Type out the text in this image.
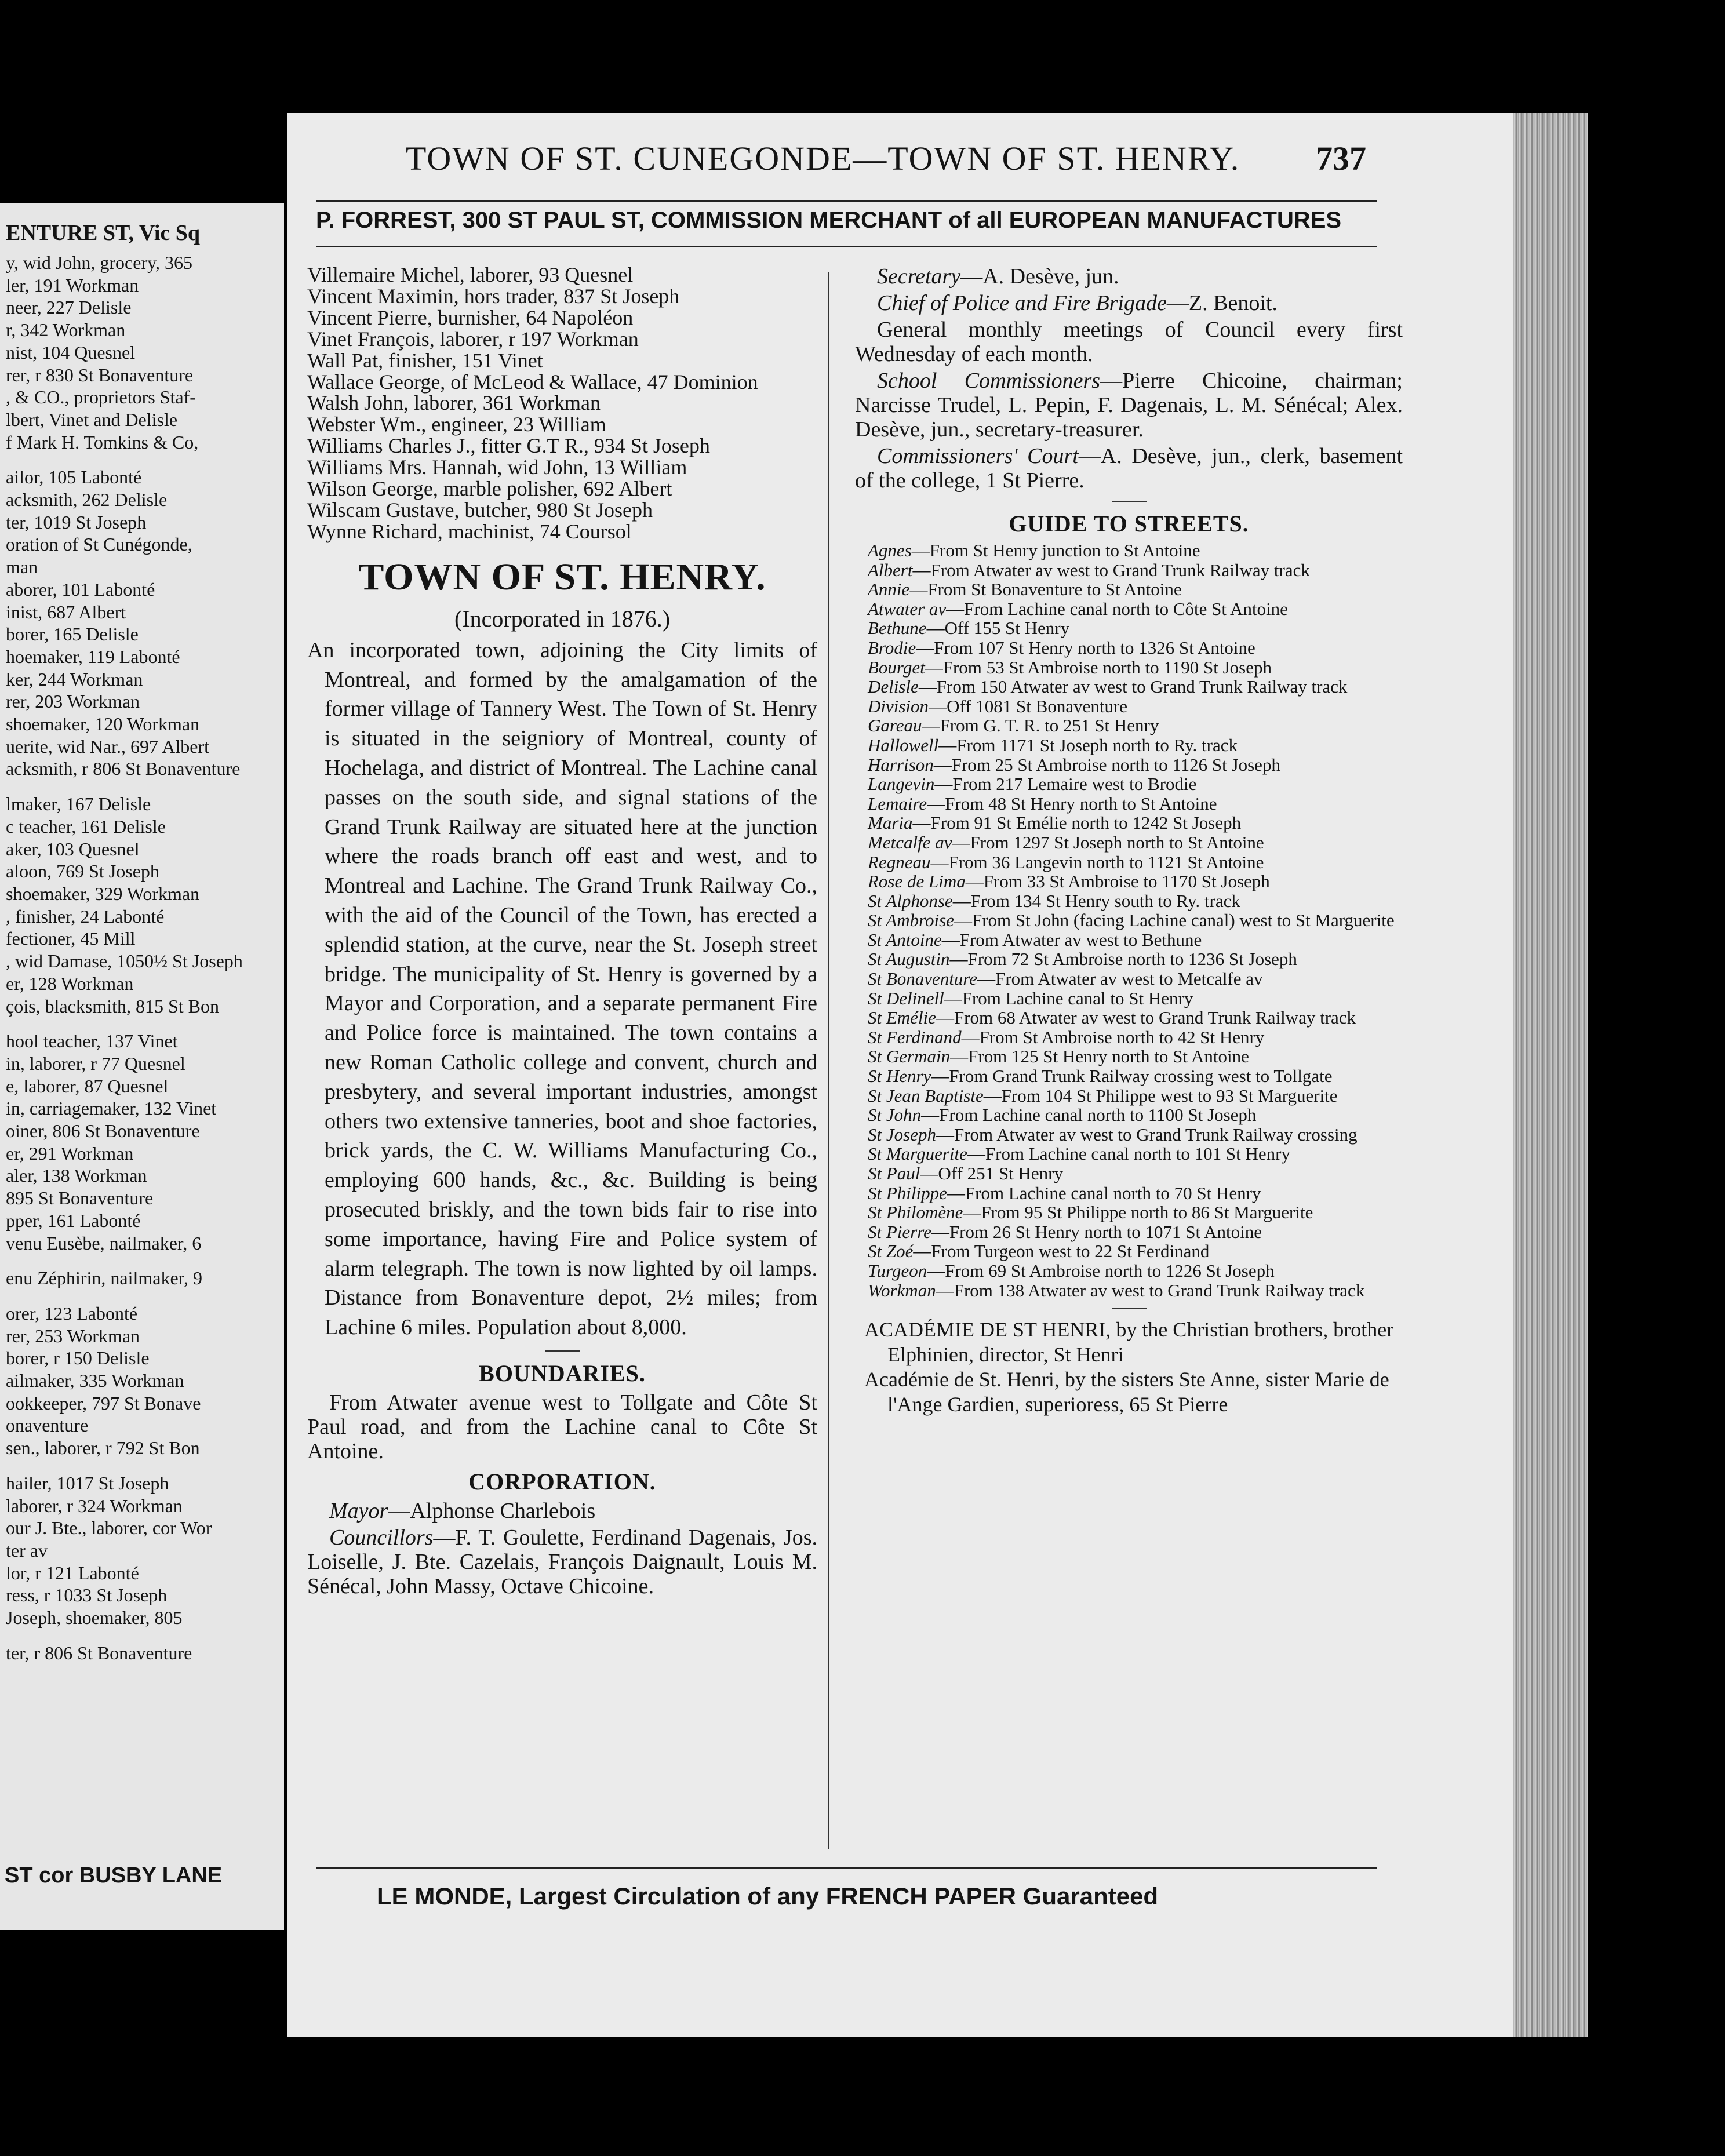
ENTURE ST, Vic Sq
y, wid John, grocery, 365
ler, 191 Workman
neer, 227 Delisle
r, 342 Workman
nist, 104 Quesnel
rer, r 830 St Bonaventure
, & CO., proprietors Staf-
lbert, Vinet and Delisle
f Mark H. Tomkins & Co,
ailor, 105 Labonté
acksmith, 262 Delisle
ter, 1019 St Joseph
oration of St Cunégonde,
man
aborer, 101 Labonté
inist, 687 Albert
borer, 165 Delisle
hoemaker, 119 Labonté
ker, 244 Workman
rer, 203 Workman
shoemaker, 120 Workman
uerite, wid Nar., 697 Albert
acksmith, r 806 St Bonaventure
lmaker, 167 Delisle
c teacher, 161 Delisle
aker, 103 Quesnel
aloon, 769 St Joseph
shoemaker, 329 Workman
, finisher, 24 Labonté
fectioner, 45 Mill
, wid Damase, 1050½ St Joseph
er, 128 Workman
çois, blacksmith, 815 St Bon
hool teacher, 137 Vinet
in, laborer, r 77 Quesnel
e, laborer, 87 Quesnel
in, carriagemaker, 132 Vinet
oiner, 806 St Bonaventure
er, 291 Workman
aler, 138 Workman
895 St Bonaventure
pper, 161 Labonté
venu Eusèbe, nailmaker, 6
enu Zéphirin, nailmaker, 9
orer, 123 Labonté
rer, 253 Workman
borer, r 150 Delisle
ailmaker, 335 Workman
ookkeeper, 797 St Bonave
onaventure
sen., laborer, r 792 St Bon
hailer, 1017 St Joseph
laborer, r 324 Workman
our J. Bte., laborer, cor Wor
ter av
lor, r 121 Labonté
ress, r 1033 St Joseph
Joseph, shoemaker, 805
ter, r 806 St Bonaventure
ST cor BUSBY LANE
TOWN OF ST. CUNEGONDE—TOWN OF ST. HENRY. 737
P. FORREST, 300 ST PAUL ST, COMMISSION MERCHANT of all EUROPEAN MANUFACTURES
Villemaire Michel, laborer, 93 Quesnel
Vincent Maximin, hors trader, 837 St Joseph
Vincent Pierre, burnisher, 64 Napoléon
Vinet François, laborer, r 197 Workman
Wall Pat, finisher, 151 Vinet
Wallace George, of McLeod & Wallace, 47 Dominion
Walsh John, laborer, 361 Workman
Webster Wm., engineer, 23 William
Williams Charles J., fitter G.T R., 934 St Joseph
Williams Mrs. Hannah, wid John, 13 William
Wilson George, marble polisher, 692 Albert
Wilscam Gustave, butcher, 980 St Joseph
Wynne Richard, machinist, 74 Coursol
TOWN OF ST. HENRY.
(Incorporated in 1876.)

An incorporated town, adjoining the City limits of Montreal, and formed by the amalgamation of the former village of Tannery West. The Town of St. Henry is situated in the seigniory of Montreal, county of Hochelaga, and district of Montreal. The Lachine canal passes on the south side, and signal stations of the Grand Trunk Railway are situated here at the junction where the roads branch off east and west, and to Montreal and Lachine. The Grand Trunk Railway Co., with the aid of the Council of the Town, has erected a splendid station, at the curve, near the St. Joseph street bridge. The municipality of St. Henry is governed by a Mayor and Corporation, and a separate permanent Fire and Police force is maintained. The town contains a new Roman Catholic college and convent, church and presbytery, and several important industries, amongst others two extensive tanneries, boot and shoe factories, brick yards, the C. W. Williams Manufacturing Co., employing 600 hands, &c., &c. Building is being prosecuted briskly, and the town bids fair to rise into some importance, having Fire and Police system of alarm telegraph. The town is now lighted by oil lamps. Distance from Bonaventure depot, 2½ miles; from Lachine 6 miles. Population about 8,000.

BOUNDARIES.

From Atwater avenue west to Tollgate and Côte St Paul road, and from the Lachine canal to Côte St Antoine.

CORPORATION.

Mayor—Alphonse Charlebois

Councillors—F. T. Goulette, Ferdinand Dagenais, Jos. Loiselle, J. Bte. Cazelais, François Daignault, Louis M. Sénécal, John Massy, Octave Chicoine.

Secretary—A. Desève, jun.

Chief of Police and Fire Brigade—Z. Benoit.

General monthly meetings of Council every first Wednesday of each month.

School Commissioners—Pierre Chicoine, chairman; Narcisse Trudel, L. Pepin, F. Dagenais, L. M. Sénécal; Alex. Desève, jun., secretary-treasurer.

Commissioners' Court—A. Desève, jun., clerk, basement of the college, 1 St Pierre.

GUIDE TO STREETS.
Agnes—From St Henry junction to St Antoine
Albert—From Atwater av west to Grand Trunk Railway track
Annie—From St Bonaventure to St Antoine
Atwater av—From Lachine canal north to Côte St Antoine
Bethune—Off 155 St Henry
Brodie—From 107 St Henry north to 1326 St Antoine
Bourget—From 53 St Ambroise north to 1190 St Joseph
Delisle—From 150 Atwater av west to Grand Trunk Railway track
Division—Off 1081 St Bonaventure
Gareau—From G. T. R. to 251 St Henry
Hallowell—From 1171 St Joseph north to Ry. track
Harrison—From 25 St Ambroise north to 1126 St Joseph
Langevin—From 217 Lemaire west to Brodie
Lemaire—From 48 St Henry north to St Antoine
Maria—From 91 St Emélie north to 1242 St Joseph
Metcalfe av—From 1297 St Joseph north to St Antoine
Regneau—From 36 Langevin north to 1121 St Antoine
Rose de Lima—From 33 St Ambroise to 1170 St Joseph
St Alphonse—From 134 St Henry south to Ry. track
St Ambroise—From St John (facing Lachine canal) west to St Marguerite
St Antoine—From Atwater av west to Bethune
St Augustin—From 72 St Ambroise north to 1236 St Joseph
St Bonaventure—From Atwater av west to Metcalfe av
St Delinell—From Lachine canal to St Henry
St Emélie—From 68 Atwater av west to Grand Trunk Railway track
St Ferdinand—From St Ambroise north to 42 St Henry
St Germain—From 125 St Henry north to St Antoine
St Henry—From Grand Trunk Railway crossing west to Tollgate
St Jean Baptiste—From 104 St Philippe west to 93 St Marguerite
St John—From Lachine canal north to 1100 St Joseph
St Joseph—From Atwater av west to Grand Trunk Railway crossing
St Marguerite—From Lachine canal north to 101 St Henry
St Paul—Off 251 St Henry
St Philippe—From Lachine canal north to 70 St Henry
St Philomène—From 95 St Philippe north to 86 St Marguerite
St Pierre—From 26 St Henry north to 1071 St Antoine
St Zoé—From Turgeon west to 22 St Ferdinand
Turgeon—From 69 St Ambroise north to 1226 St Joseph
Workman—From 138 Atwater av west to Grand Trunk Railway track
ACADÉMIE DE ST HENRI, by the Christian brothers, brother Elphinien, director, St Henri
Académie de St. Henri, by the sisters Ste Anne, sister Marie de l'Ange Gardien, superioress, 65 St Pierre
LE MONDE, Largest Circulation of any FRENCH PAPER Guaranteed
